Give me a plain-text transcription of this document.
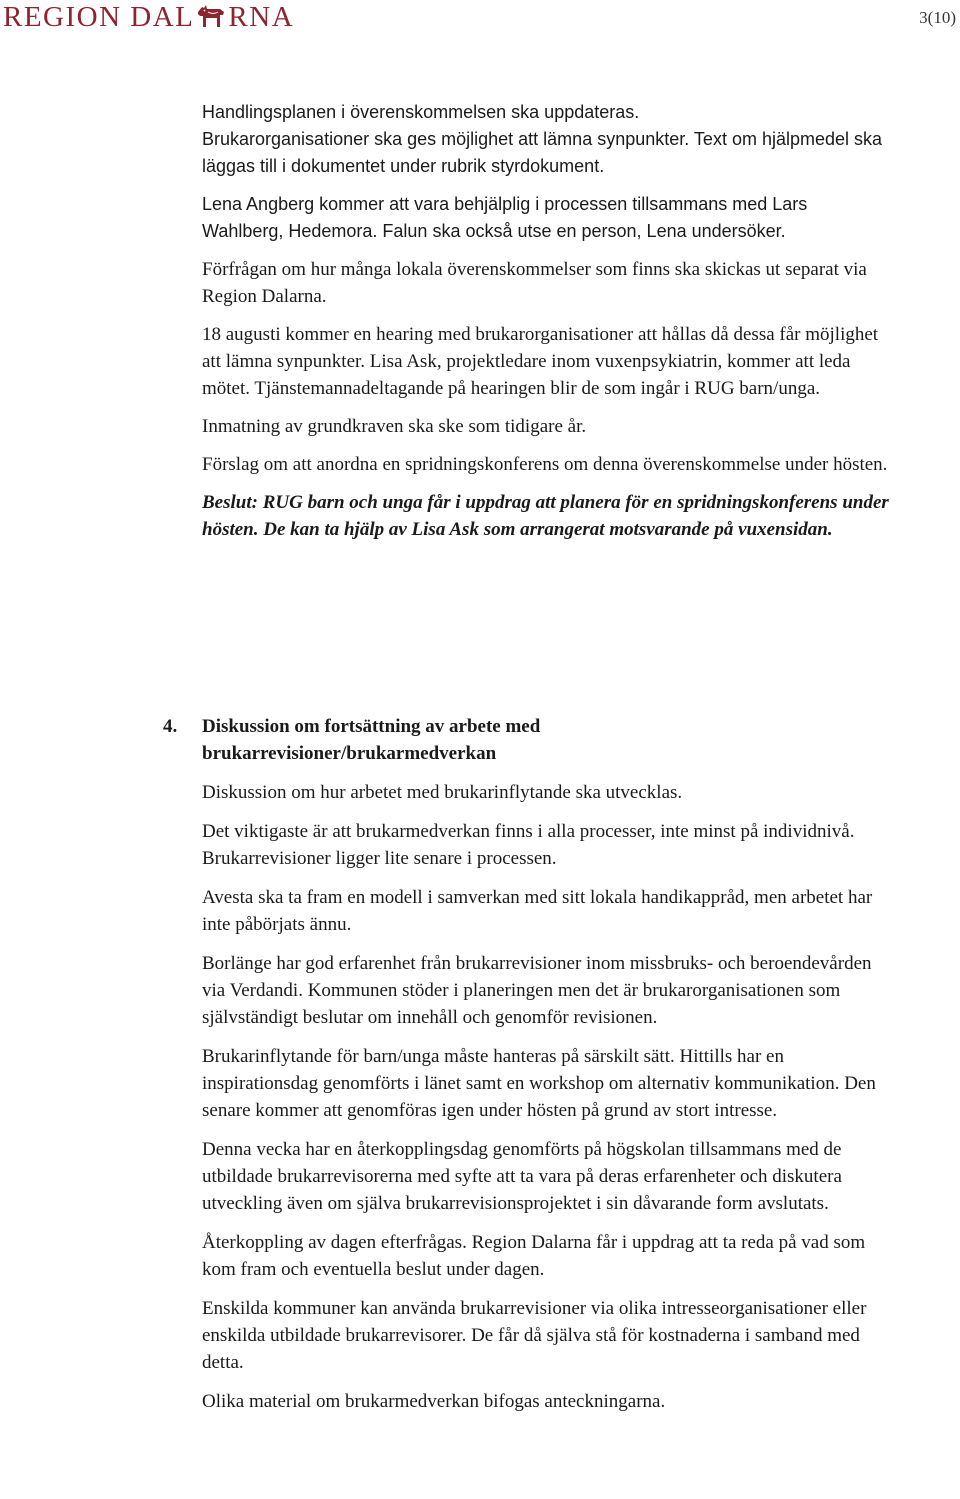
REGION DAL RNA	3(10)

Handlingsplanen i överenskommelsen ska uppdateras.

Brukarorganisationer ska ges möjlighet att lämna synpunkter. Text om hjälpmedel ska läggas till i dokumentet under rubrik styrdokument.

Lena Angberg kommer att vara behjälplig i processen tillsammans med Lars Wahlberg, Hedemora. Falun ska också utse en person, Lena undersöker.

Förfrågan om hur många lokala överenskommelser som finns ska skickas ut separat via Region Dalarna.

18 augusti kommer en hearing med brukarorganisationer att hållas då dessa får möjlighet att lämna synpunkter. Lisa Ask, projektledare inom vuxenpsykiatrin, kommer att leda mötet. Tjänstemannadeltagande på hearingen blir de som ingår i RUG barn/unga.

Inmatning av grundkraven ska ske som tidigare år.

Förslag om att anordna en spridningskonferens om denna överenskommelse under hösten.

Beslut: RUG barn och unga får i uppdrag att planera för en spridningskonferens under hösten. De kan ta hjälp av Lisa Ask som arrangerat motsvarande på vuxensidan.

4. Diskussion om fortsättning av arbete med brukarrevisioner/brukarmedverkan

Diskussion om hur arbetet med brukarinflytande ska utvecklas.

Det viktigaste är att brukarmedverkan finns i alla processer, inte minst på individnivå. Brukarrevisioner ligger lite senare i processen.

Avesta ska ta fram en modell i samverkan med sitt lokala handikappråd, men arbetet har inte påbörjats ännu.

Borlänge har god erfarenhet från brukarrevisioner inom missbruks- och beroendevården via Verdandi. Kommunen stöder i planeringen men det är brukarorganisationen som självständigt beslutar om innehåll och genomför revisionen.

Brukarinflytande för barn/unga måste hanteras på särskilt sätt. Hittills har en inspirationsdag genomförts i länet samt en workshop om alternativ kommunikation. Den senare kommer att genomföras igen under hösten på grund av stort intresse.

Denna vecka har en återkopplingsdag genomförts på högskolan tillsammans med de utbildade brukarrevisorerna med syfte att ta vara på deras erfarenheter och diskutera utveckling även om själva brukarrevisionsprojektet i sin dåvarande form avslutats.

Återkoppling av dagen efterfrågas. Region Dalarna får i uppdrag att ta reda på vad som kom fram och eventuella beslut under dagen.

Enskilda kommuner kan använda brukarrevisioner via olika intresseorganisationer eller enskilda utbildade brukarrevisorer. De får då själva stå för kostnaderna i samband med detta.

Olika material om brukarmedverkan bifogas anteckningarna.
